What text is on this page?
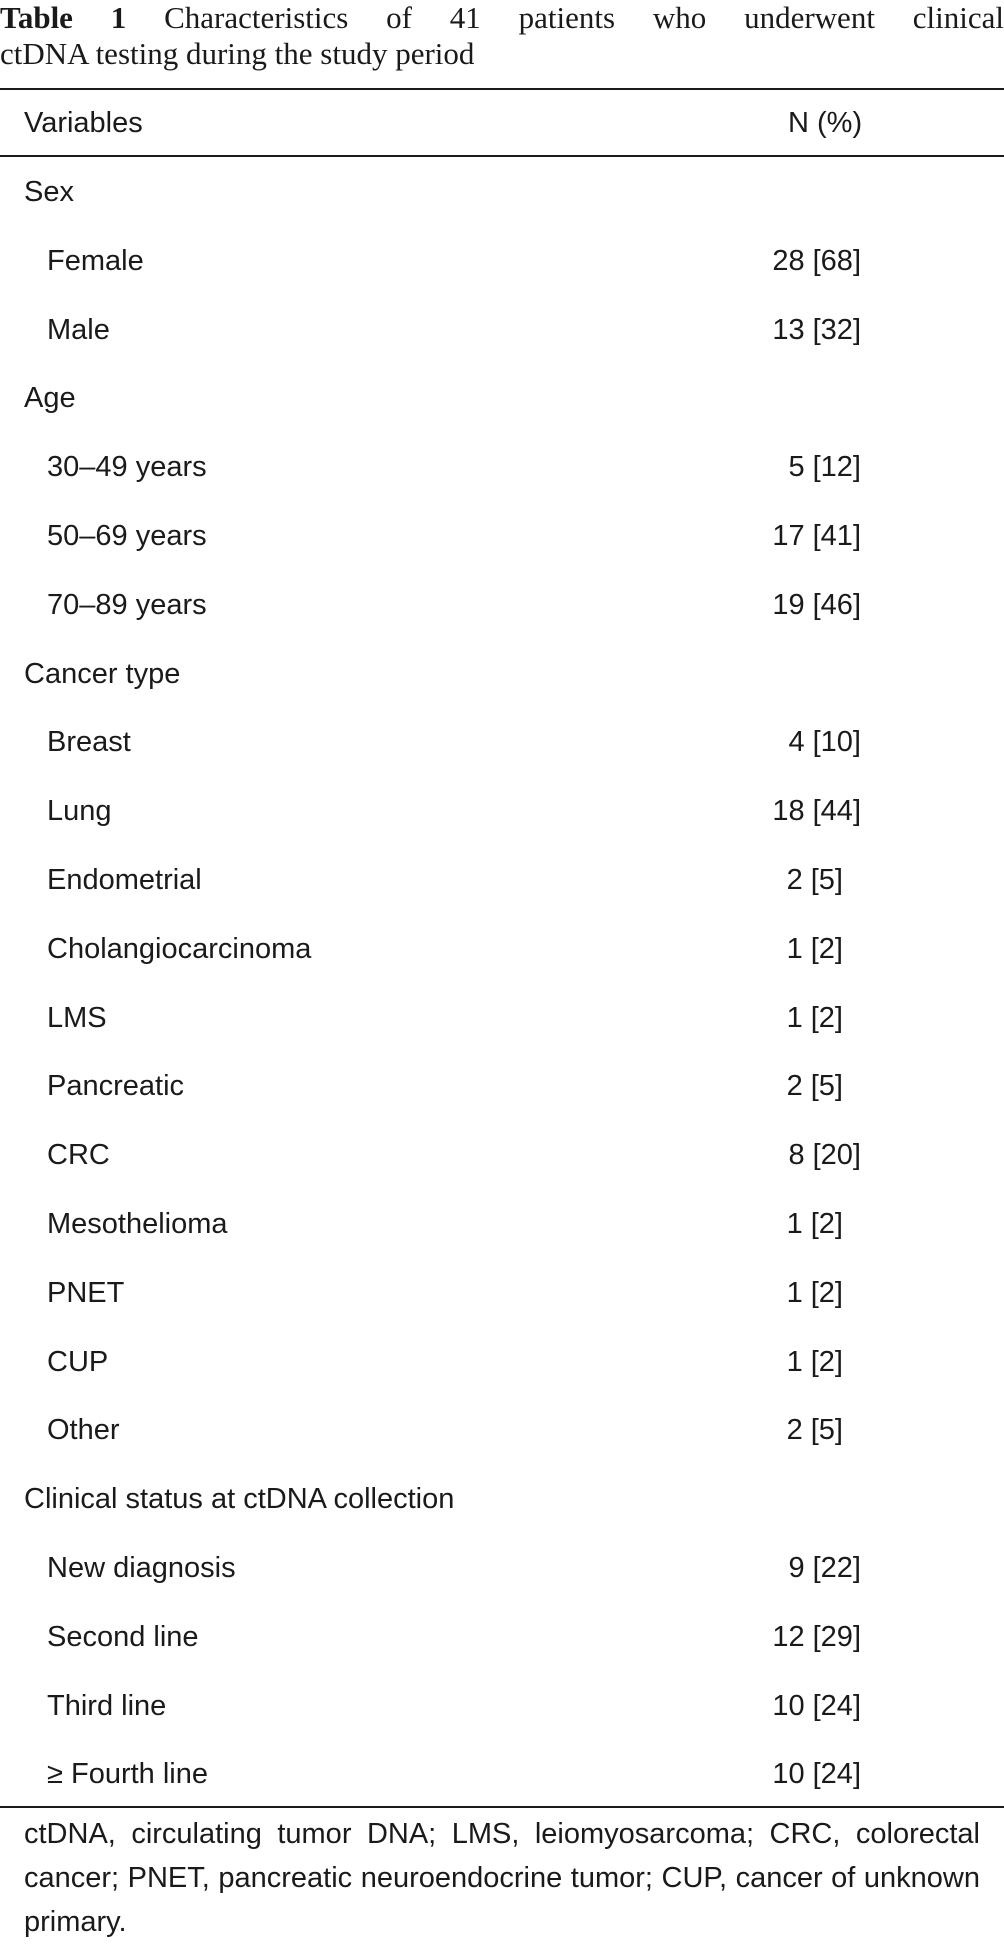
Table 1 Characteristics of 41 patients who underwent clinical
ctDNA testing during the study period
Variables	N (%)
Sex
Female	28 [68]
Male	13 [32]
Age
30–49 years	5 [12]
50–69 years	17 [41]
70–89 years	19 [46]
Cancer type
Breast	4 [10]
Lung	18 [44]
Endometrial	2 [5]
Cholangiocarcinoma	1 [2]
LMS	1 [2]
Pancreatic	2 [5]
CRC	8 [20]
Mesothelioma	1 [2]
PNET	1 [2]
CUP	1 [2]
Other	2 [5]
Clinical status at ctDNA collection
New diagnosis	9 [22]
Second line	12 [29]
Third line	10 [24]
≥ Fourth line	10 [24]

ctDNA, circulating tumor DNA; LMS, leiomyosarcoma; CRC, colorectal cancer; PNET, pancreatic neuroendocrine tumor; CUP, cancer of unknown primary.
